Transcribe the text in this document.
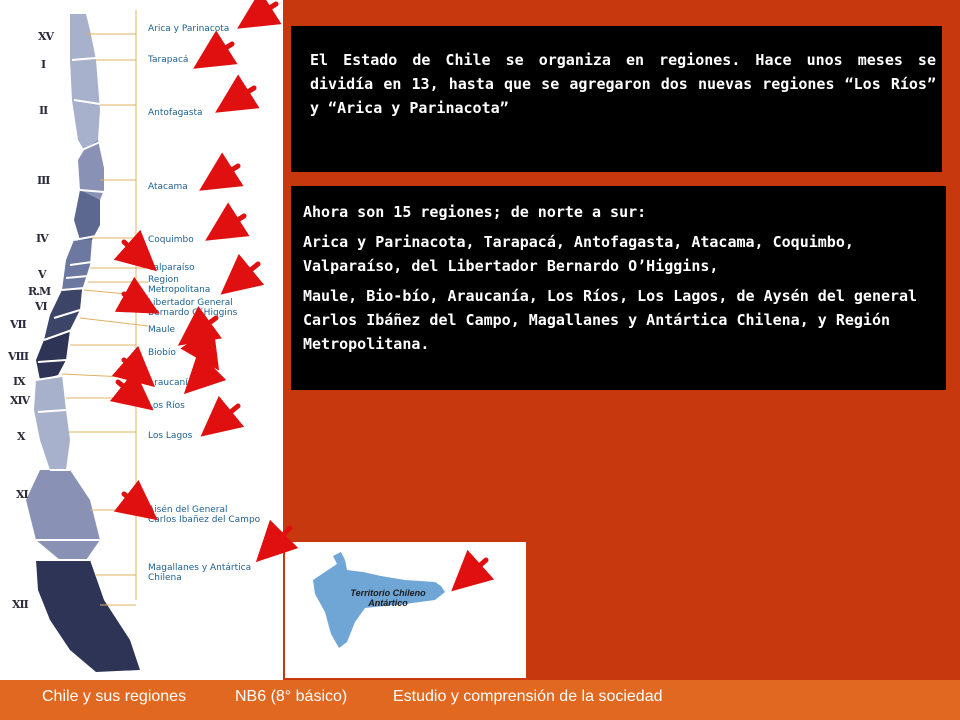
XV
I
II
III
IV
V
R.M
VI
VII
VIII
IX
XIV
X
XI
XII
Arica y Parinacota
Tarapacá
Antofagasta
Atacama
Coquimbo
Valparaíso
Region
Metropolitana
Libertador General
Bernardo O´Higgins
Maule
Biobío
Araucanía
Los Ríos
Los Lagos
Aisén del General
Carlos Ibañez del Campo
Magallanes y Antártica
Chilena

El Estado de Chile se organiza en regiones. Hace unos meses se dividía en 13, hasta que se agregaron dos nuevas regiones “Los Ríos” y “Arica y Parinacota”

Ahora son 15 regiones; de norte a sur:

Arica y Parinacota, Tarapacá, Antofagasta, Atacama, Coquimbo, Valparaíso, del Libertador Bernardo O’Higgins,

Maule, Bio-bío, Araucanía, Los Ríos, Los Lagos, de Aysén del general Carlos Ibáñez del Campo, Magallanes y Antártica Chilena, y Región Metropolitana.

Territorio Chileno
Antártico
Chile y sus regiones	NB6 (8° básico)	Estudio y comprensión de la sociedad
